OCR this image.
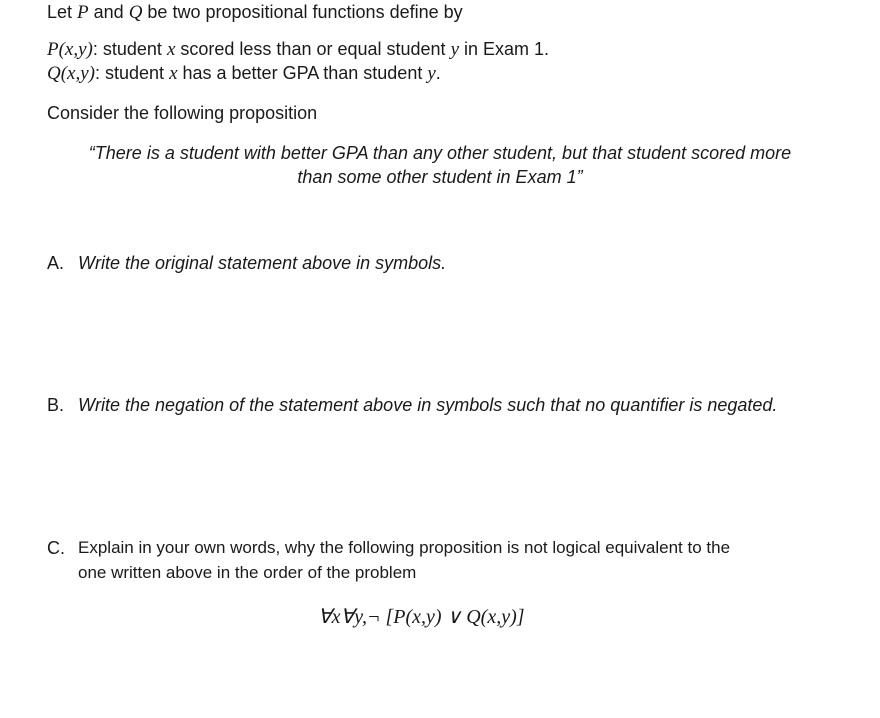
Let P and Q be two propositional functions define by
P(x,y): student x scored less than or equal student y in Exam 1.
Q(x,y): student x has a better GPA than student y.
Consider the following proposition
“There is a student with better GPA than any other student, but that student scored more
than some other student in Exam 1”
A. Write the original statement above in symbols.
B. Write the negation of the statement above in symbols such that no quantifier is negated.
C. Explain in your own words, why the following proposition is not logical equivalent to the
one written above in the order of the problem
∀x∀y,¬ [P(x,y) ∨ Q(x,y)]
